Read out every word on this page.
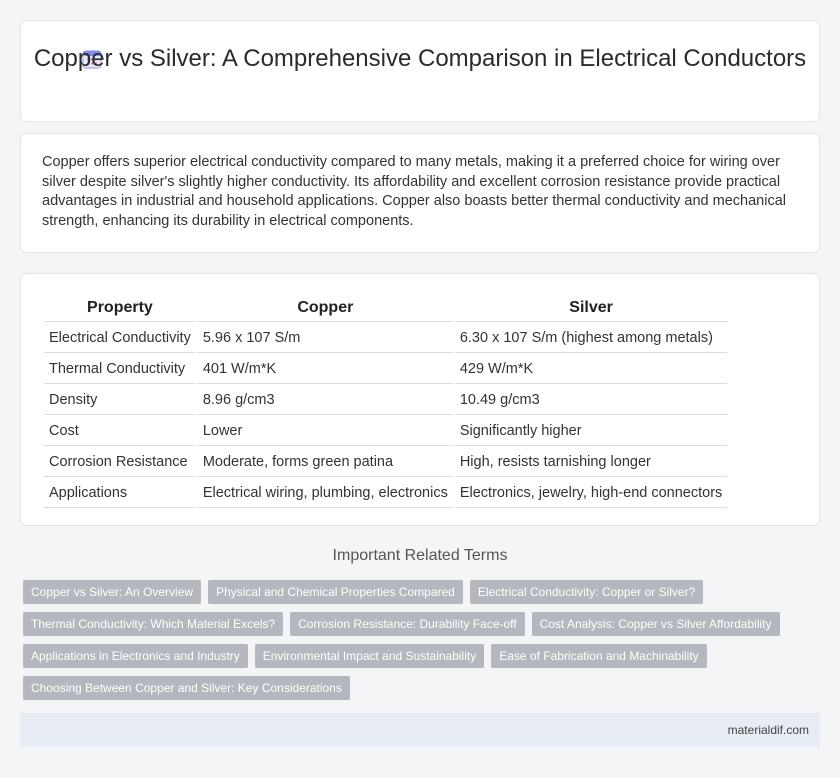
Copper vs Silver: A Comprehensive Comparison in Electrical Conductors

Copper offers superior electrical conductivity compared to many metals, making it a preferred choice for wiring over silver despite silver's slightly higher conductivity. Its affordability and excellent corrosion resistance provide practical advantages in industrial and household applications. Copper also boasts better thermal conductivity and mechanical strength, enhancing its durability in electrical components.

Property	Copper	Silver
Electrical Conductivity	5.96 x 107 S/m	6.30 x 107 S/m (highest among metals)
Thermal Conductivity	401 W/m*K	429 W/m*K
Density	8.96 g/cm3	10.49 g/cm3
Cost	Lower	Significantly higher
Corrosion Resistance	Moderate, forms green patina	High, resists tarnishing longer
Applications	Electrical wiring, plumbing, electronics	Electronics, jewelry, high-end connectors
Important Related Terms
Copper vs Silver: An Overview	Physical and Chemical Properties Compared	Electrical Conductivity: Copper or Silver?
Thermal Conductivity: Which Material Excels?	Corrosion Resistance: Durability Face-off	Cost Analysis: Copper vs Silver Affordability
Applications in Electronics and Industry	Environmental Impact and Sustainability	Ease of Fabrication and Machinability
Choosing Between Copper and Silver: Key Considerations
materialdif.com
